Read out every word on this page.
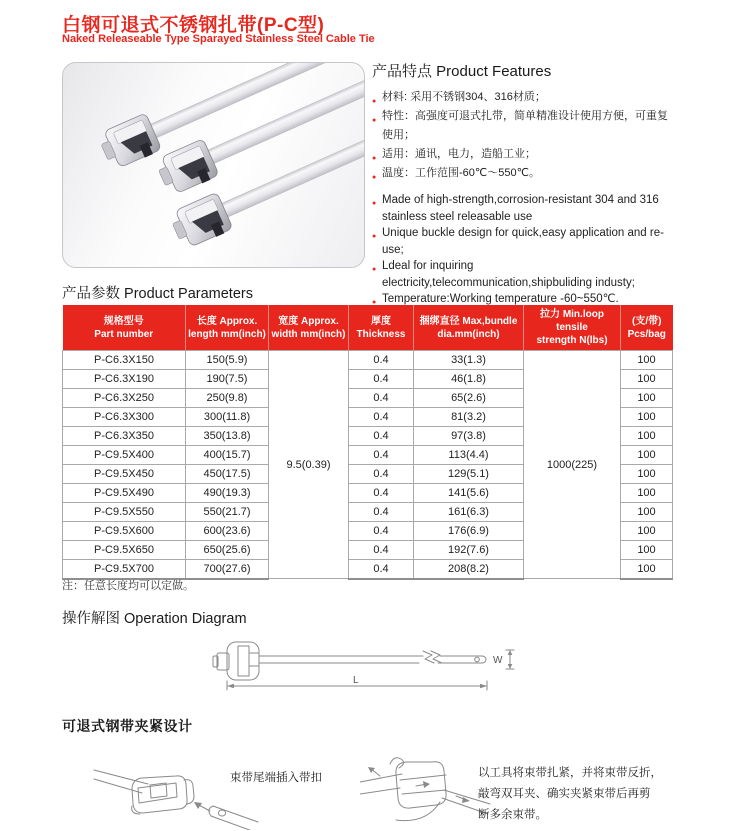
白钢可退式不锈钢扎带(P-C型)
Naked Releaseable Type Sparayed Stainless Steel Cable Tie
产品特点 Product Features
● 材料: 采用不锈钢304、316材质；
● 特性：高强度可退式扎带，简单精准设计使用方便，可重复使用；
● 适用：通讯，电力，造船工业；
● 温度：工作范围-60℃～550℃。
● Made of high-strength,corrosion-resistant 304 and 316 stainless steel releasable use
● Unique buckle design for quick,easy application and re-use;
● Ldeal for inquiring electricity,telecommunication,shipbuliding industy;
● Temperature:Working temperature -60~550℃.
产品参数 Product Parameters
规格型号
Part number

长度 Approx.
length mm(inch)

宽度 Approx.
width mm(inch)

厚度
Thickness

捆绑直径 Max,bundle
dia.mm(inch)

拉力 Min.loop tensile
strength N(lbs)

(支/带)
Pcs/bag

P-C6.3X150	150(5.9)	9.5(0.39)	0.4	33(1.3)	1000(225)	100
P-C6.3X190	190(7.5)		0.4	46(1.8)		100
P-C6.3X250	250(9.8)		0.4	65(2.6)		100
P-C6.3X300	300(11.8)		0.4	81(3.2)		100
P-C6.3X350	350(13.8)		0.4	97(3.8)		100
P-C9.5X400	400(15.7)		0.4	113(4.4)		100
P-C9.5X450	450(17.5)		0.4	129(5.1)		100
P-C9.5X490	490(19.3)		0.4	141(5.6)		100
P-C9.5X550	550(21.7)		0.4	161(6.3)		100
P-C9.5X600	600(23.6)		0.4	176(6.9)		100
P-C9.5X650	650(25.6)		0.4	192(7.6)		100
P-C9.5X700	700(27.6)		0.4	208(8.2)		100
注：任意长度均可以定做。
操作解图 Operation Diagram
W
L
可退式钢带夹紧设计
束带尾端插入带扣	以工具将束带扎紧，并将束带反折，
敲弯双耳夹、确实夹紧束带后再剪
断多余束带。
